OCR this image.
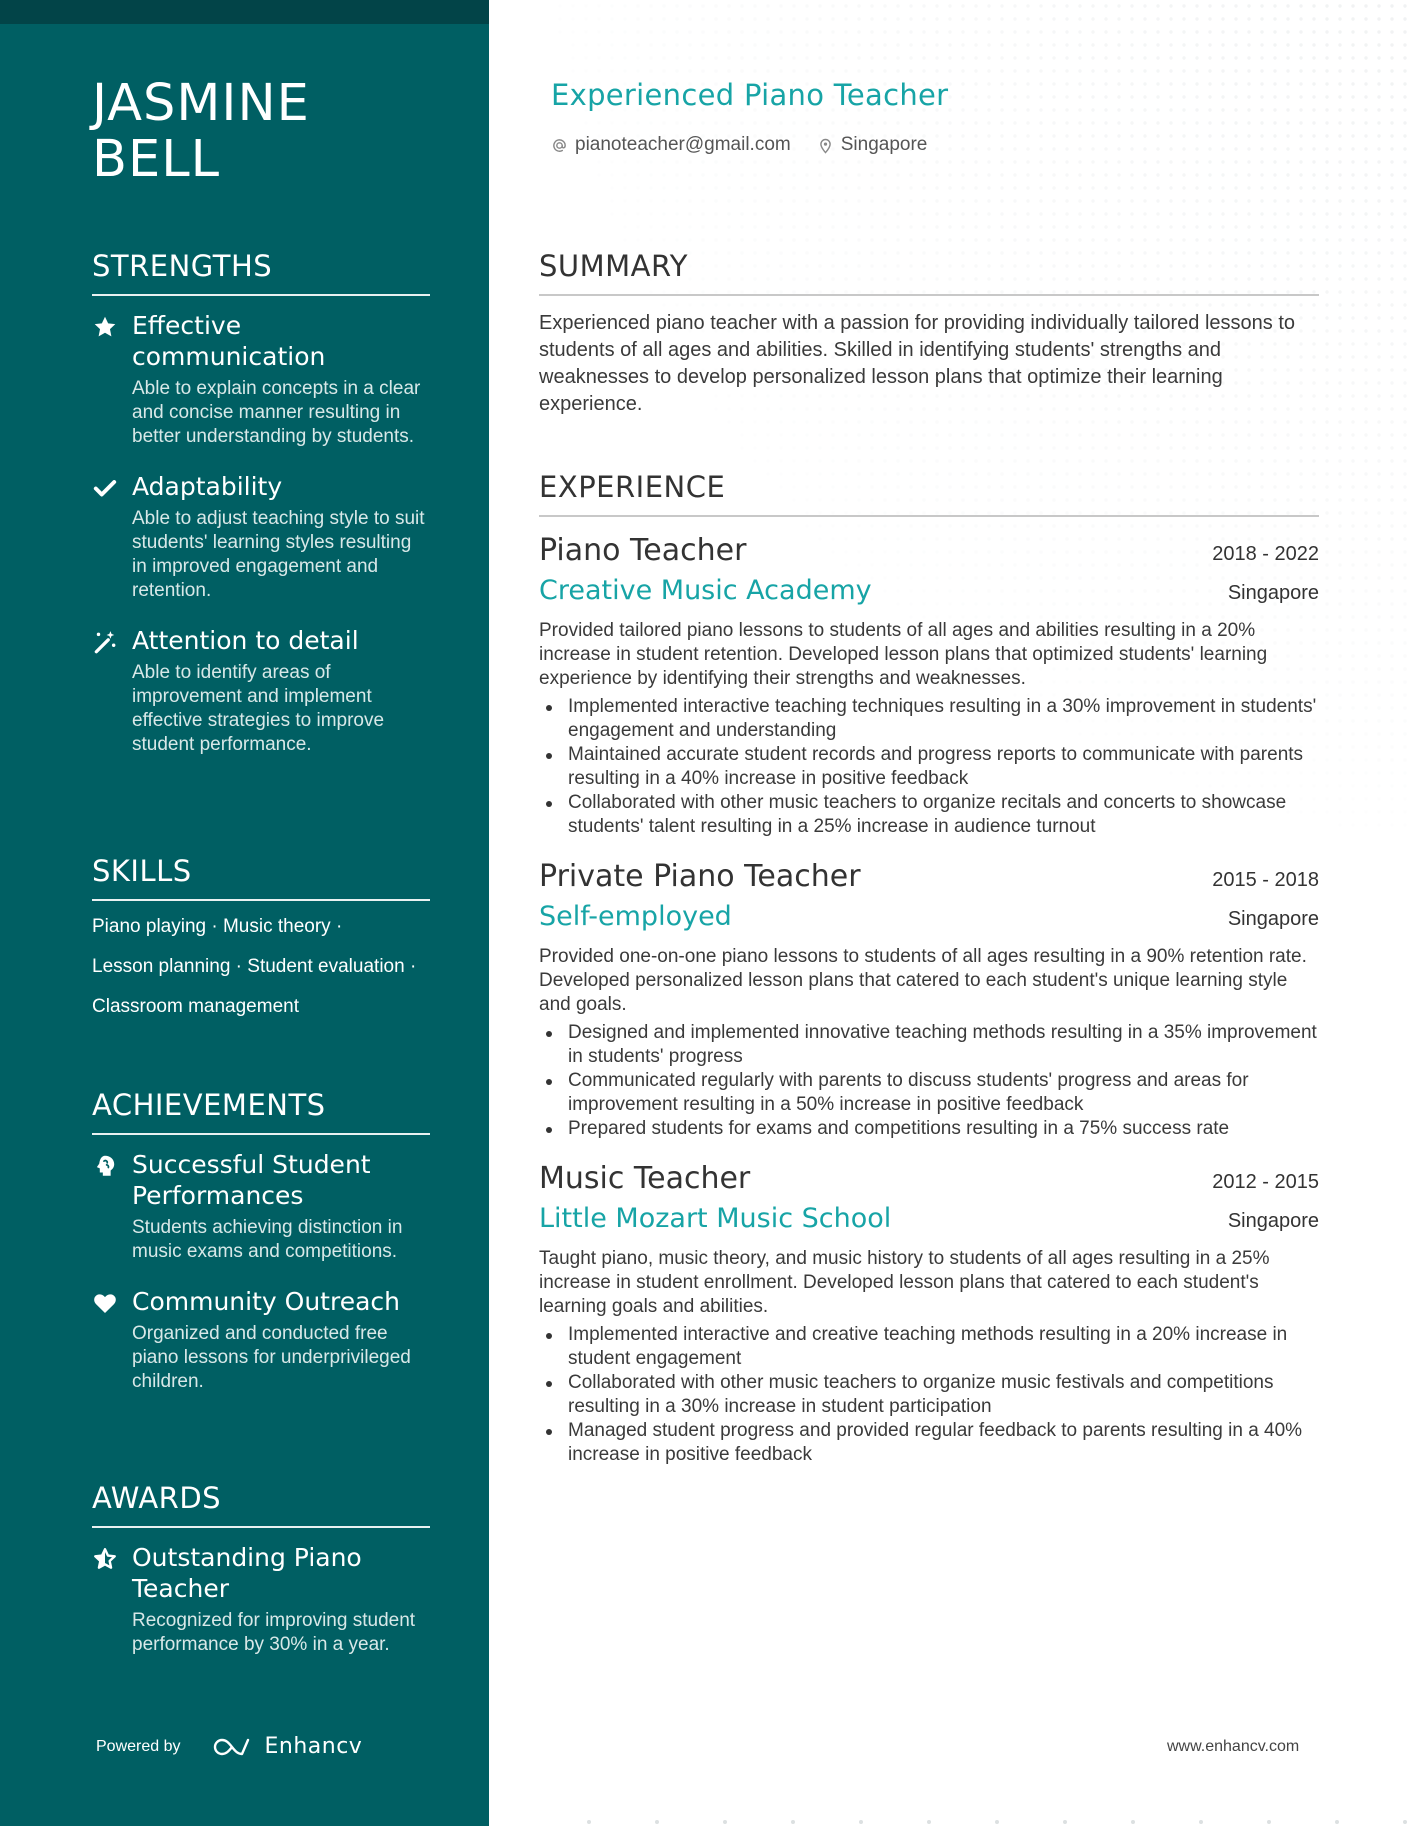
JASMINE
BELL
STRENGTHS
Effective communication
Able to explain concepts in a clear and concise manner resulting in better understanding by students.
Adaptability
Able to adjust teaching style to suit students' learning styles resulting in improved engagement and retention.
Attention to detail
Able to identify areas of improvement and implement effective strategies to improve student performance.
SKILLS
Piano playing · Music theory ·
Lesson planning · Student evaluation ·
Classroom management
ACHIEVEMENTS
Successful Student Performances
Students achieving distinction in music exams and competitions.
Community Outreach
Organized and conducted free piano lessons for underprivileged children.
AWARDS
Outstanding Piano Teacher
Recognized for improving student performance by 30% in a year.
Powered by	Enhancv
Experienced Piano Teacher
pianoteacher@gmail.com	Singapore
SUMMARY
Experienced piano teacher with a passion for providing individually tailored lessons to students of all ages and abilities. Skilled in identifying students' strengths and weaknesses to develop personalized lesson plans that optimize their learning experience.
EXPERIENCE
Piano Teacher	2018 - 2022
Creative Music Academy	Singapore
Provided tailored piano lessons to students of all ages and abilities resulting in a 20% increase in student retention. Developed lesson plans that optimized students' learning experience by identifying their strengths and weaknesses.
Implemented interactive teaching techniques resulting in a 30% improvement in students' engagement and understanding
Maintained accurate student records and progress reports to communicate with parents resulting in a 40% increase in positive feedback
Collaborated with other music teachers to organize recitals and concerts to showcase students' talent resulting in a 25% increase in audience turnout
Private Piano Teacher	2015 - 2018
Self-employed	Singapore
Provided one-on-one piano lessons to students of all ages resulting in a 90% retention rate. Developed personalized lesson plans that catered to each student's unique learning style and goals.
Designed and implemented innovative teaching methods resulting in a 35% improvement in students' progress
Communicated regularly with parents to discuss students' progress and areas for improvement resulting in a 50% increase in positive feedback
Prepared students for exams and competitions resulting in a 75% success rate
Music Teacher	2012 - 2015
Little Mozart Music School	Singapore
Taught piano, music theory, and music history to students of all ages resulting in a 25% increase in student enrollment. Developed lesson plans that catered to each student's learning goals and abilities.
Implemented interactive and creative teaching methods resulting in a 20% increase in student engagement
Collaborated with other music teachers to organize music festivals and competitions resulting in a 30% increase in student participation
Managed student progress and provided regular feedback to parents resulting in a 40% increase in positive feedback
www.enhancv.com
